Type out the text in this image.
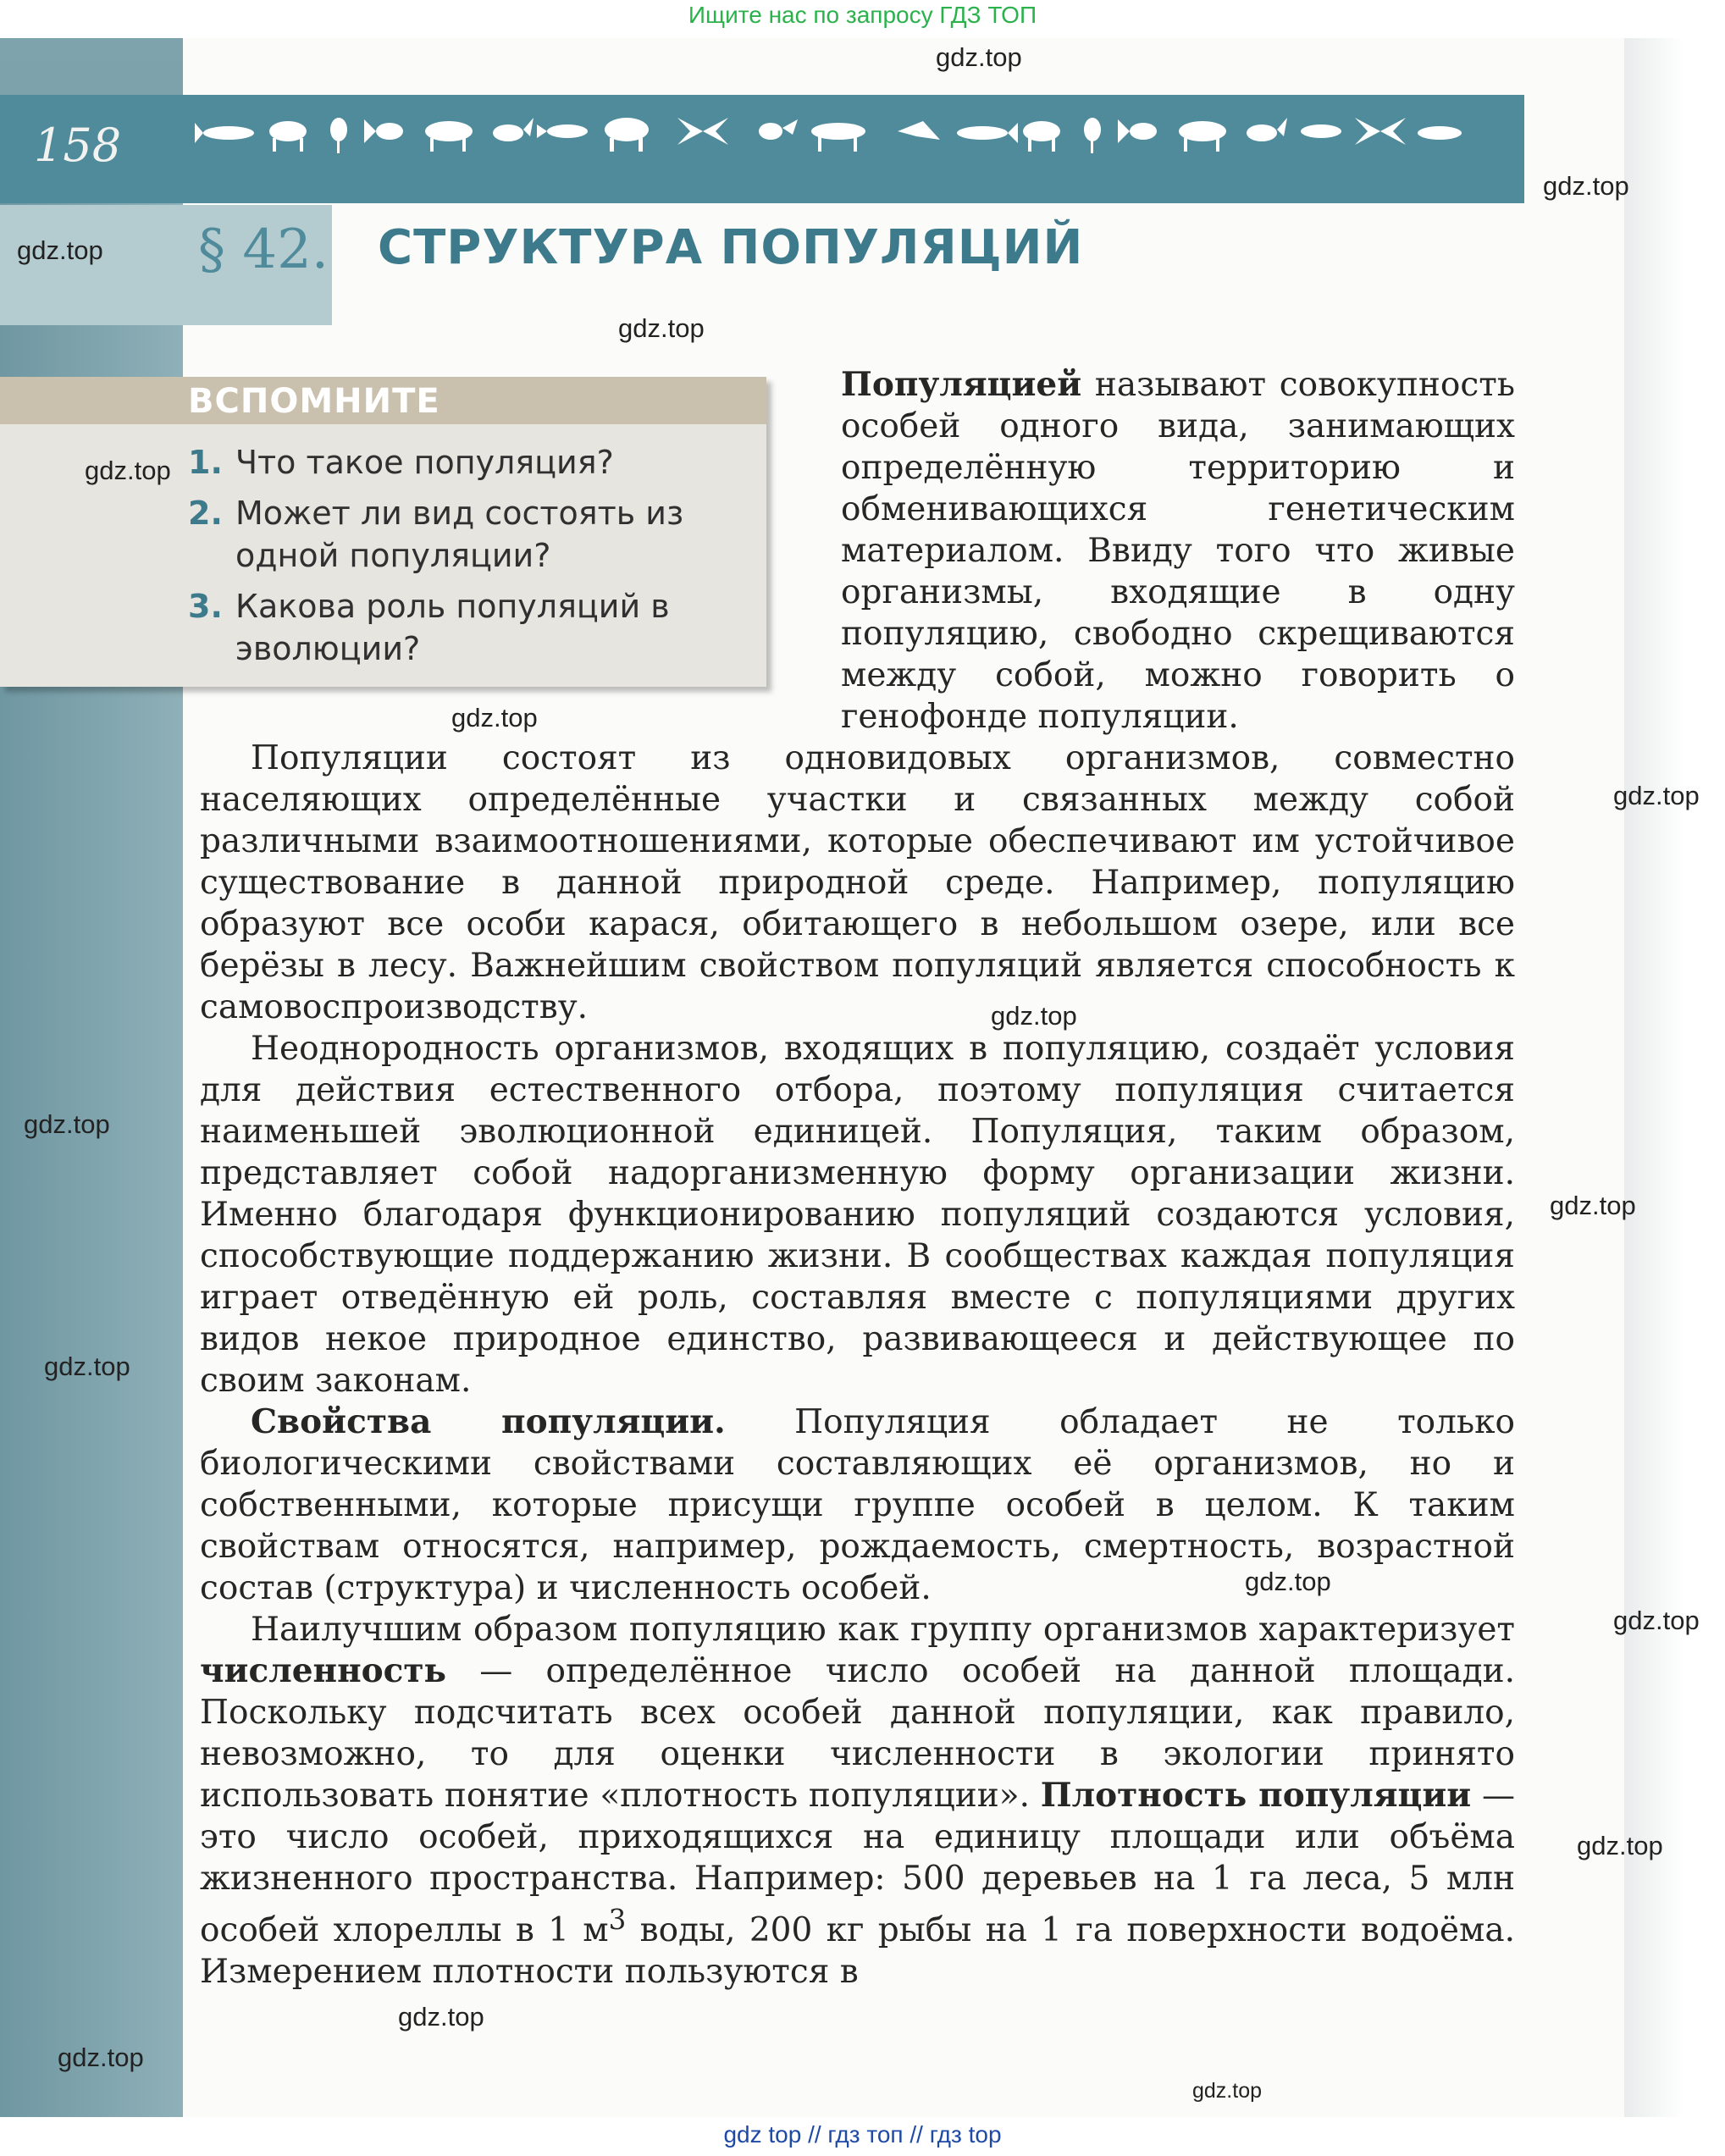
Ищите нас по запросу ГДЗ ТОП
158
§ 42. СТРУКТУРА ПОПУЛЯЦИЙ
ВСПОМНИТЕ
1. Что такое популяция?
2. Может ли вид состоять из одной популяции?
3. Какова роль популяций в эволюции?
Популяцией называют совокупность особей одного вида, занимающих определённую территорию и обменивающихся генетическим материалом. Ввиду того что живые организмы, входящие в одну популяцию, свободно скрещиваются между собой, можно говорить о генофонде популяции.

Популяции состоят из одновидовых организмов, совместно населяющих определённые участки и связанных между собой различными взаимоотношениями, которые обеспечивают им устойчивое существование в данной природной среде. Например, популяцию образуют все особи карася, обитающего в небольшом озере, или все берёзы в лесу. Важнейшим свойством популяций является способность к самовоспроизводству.

Неоднородность организмов, входящих в популяцию, создаёт условия для действия естественного отбора, поэтому популяция считается наименьшей эволюционной единицей. Популяция, таким образом, представляет собой надорганизменную форму организации жизни. Именно благодаря функционированию популяций создаются условия, способствующие поддержанию жизни. В сообществах каждая популяция играет отведённую ей роль, составляя вместе с популяциями других видов некое природное единство, развивающееся и действующее по своим законам.

Свойства популяции. Популяция обладает не только биологическими свойствами составляющих её организмов, но и собственными, которые присущи группе особей в целом. К таким свойствам относятся, например, рождаемость, смертность, возрастной состав (структура) и численность особей.

Наилучшим образом популяцию как группу организмов характеризует численность — определённое число особей на данной площади. Поскольку подсчитать всех особей данной популяции, как правило, невозможно, то для оценки численности в экологии принято использовать понятие «плотность популяции». Плотность популяции — это число особей, приходящихся на единицу площади или объёма жизненного пространства. Например: 500 деревьев на 1 га леса, 5 млн особей хлореллы в 1 $м^3$ воды, 200 кг рыбы на 1 га поверхности водоёма. Измерением плотности пользуются в

gdz.top
gdz.top
gdz.top
gdz.top
gdz.top
gdz.top
gdz.top
gdz.top
gdz.top
gdz.top
gdz.top
gdz.top
gdz.top
gdz.top
gdz.top
gdz.top
gdz.top
gdz top // гдз топ // гдз top
